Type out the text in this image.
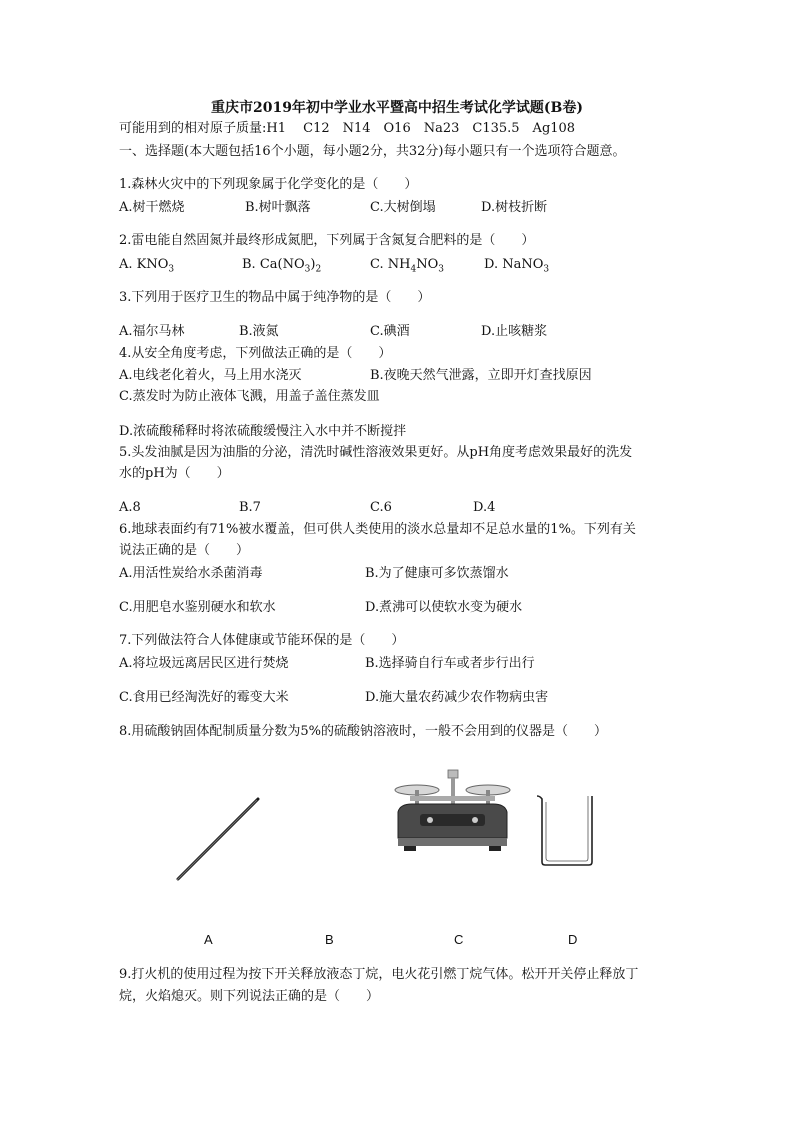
重庆市2019年初中学业水平暨高中招生考试化学试题(B卷)
可能用到的相对原子质量:H1　 C12　N14　O16　Na23　C135.5　Ag108
一、选择题(本大题包括16个小题，每小题2分，共32分)每小题只有一个选项符合题意。
1.森林火灾中的下列现象属于化学变化的是（　　）
A.树干燃烧	B.树叶飘落	C.大树倒塌	D.树枝折断
2.雷电能自然固氮并最终形成氮肥，下列属于含氮复合肥料的是（　　）
A. $KNO_3$	B. $Ca(NO_3)_2$	C. $NH_4NO_3$	D. NaNO$_3$
3.下列用于医疗卫生的物品中属于纯净物的是（　　）
A.福尔马林	B.液氮	C.碘酒	D.止咳糖浆
4.从安全角度考虑，下列做法正确的是（　　）
A.电线老化着火，马上用水浇灭	B.夜晚天然气泄露，立即开灯查找原因
C.蒸发时为防止液体飞溅，用盖子盖住蒸发皿
D.浓硫酸稀释时将浓硫酸缓慢注入水中并不断搅拌
5.头发油腻是因为油脂的分泌，清洗时碱性溶液效果更好。从pH角度考虑效果最好的洗发
水的pH为（　　）
A.8	B.7	C.6	D.4
6.地球表面约有71%被水覆盖，但可供人类使用的淡水总量却不足总水量的1%。下列有关
说法正确的是（　　）
A.用活性炭给水杀菌消毒	B.为了健康可多饮蒸馏水
C.用肥皂水鉴别硬水和软水	D.煮沸可以使软水变为硬水
7.下列做法符合人体健康或节能环保的是（　　）
A.将垃圾远离居民区进行焚烧	B.选择骑自行车或者步行出行
C.食用已经淘洗好的霉变大米	D.施大量农药减少农作物病虫害
8.用硫酸钠固体配制质量分数为5%的硫酸钠溶液时，一般不会用到的仪器是（　　）
A	B	C	D
9.打火机的使用过程为按下开关释放液态丁烷，电火花引燃丁烷气体。松开开关停止释放丁
烷，火焰熄灭。则下列说法正确的是（　　）
